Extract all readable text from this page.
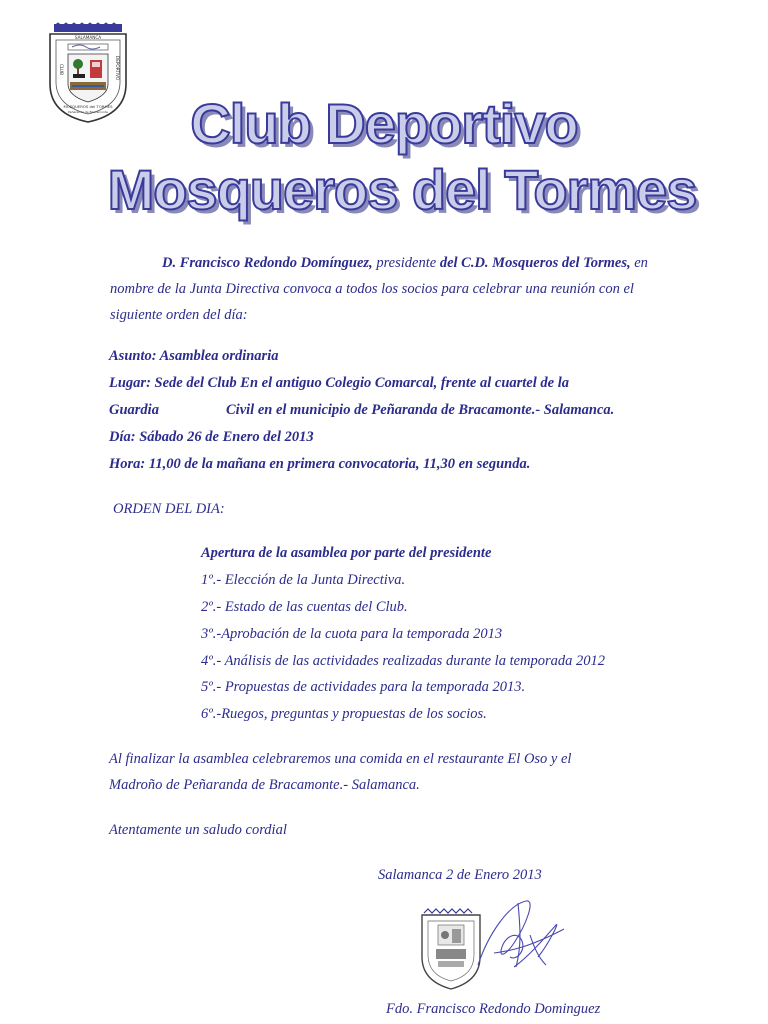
SALAMANCA
CLUB	DEPORTIVO
MOSQUEROS del TORMES
Peñaranda de Bracamonte	Club Deportivo
Mosqueros del Tormes
D. Francisco Redondo Domínguez, presidente del C.D. Mosqueros del Tormes, en nombre de la Junta Directiva convoca a todos los socios para celebrar una reunión con el siguiente orden del día:
Asunto: Asamblea ordinaria
Lugar: Sede del Club En el antiguo Colegio Comarcal, frente al cuartel de la
Guardia	Civil en el municipio de Peñaranda de Bracamonte.- Salamanca.
Día: Sábado 26 de Enero del 2013
Hora: 11,00 de la mañana en primera convocatoria, 11,30 en segunda.
ORDEN DEL DIA:
Apertura de la asamblea por parte del presidente
1º.- Elección de la Junta Directiva.
2º.- Estado de las cuentas del Club.
3º.-Aprobación de la cuota para la temporada 2013
4º.- Análisis de las actividades realizadas durante la temporada 2012
5º.- Propuestas de actividades para la temporada 2013.
6º.-Ruegos, preguntas y propuestas de los socios.
Al finalizar la asamblea celebraremos una comida en el restaurante El Oso y el
Madroño de Peñaranda de Bracamonte.- Salamanca.
Atentamente un saludo cordial
Salamanca 2 de Enero 2013
Fdo. Francisco Redondo Dominguez
